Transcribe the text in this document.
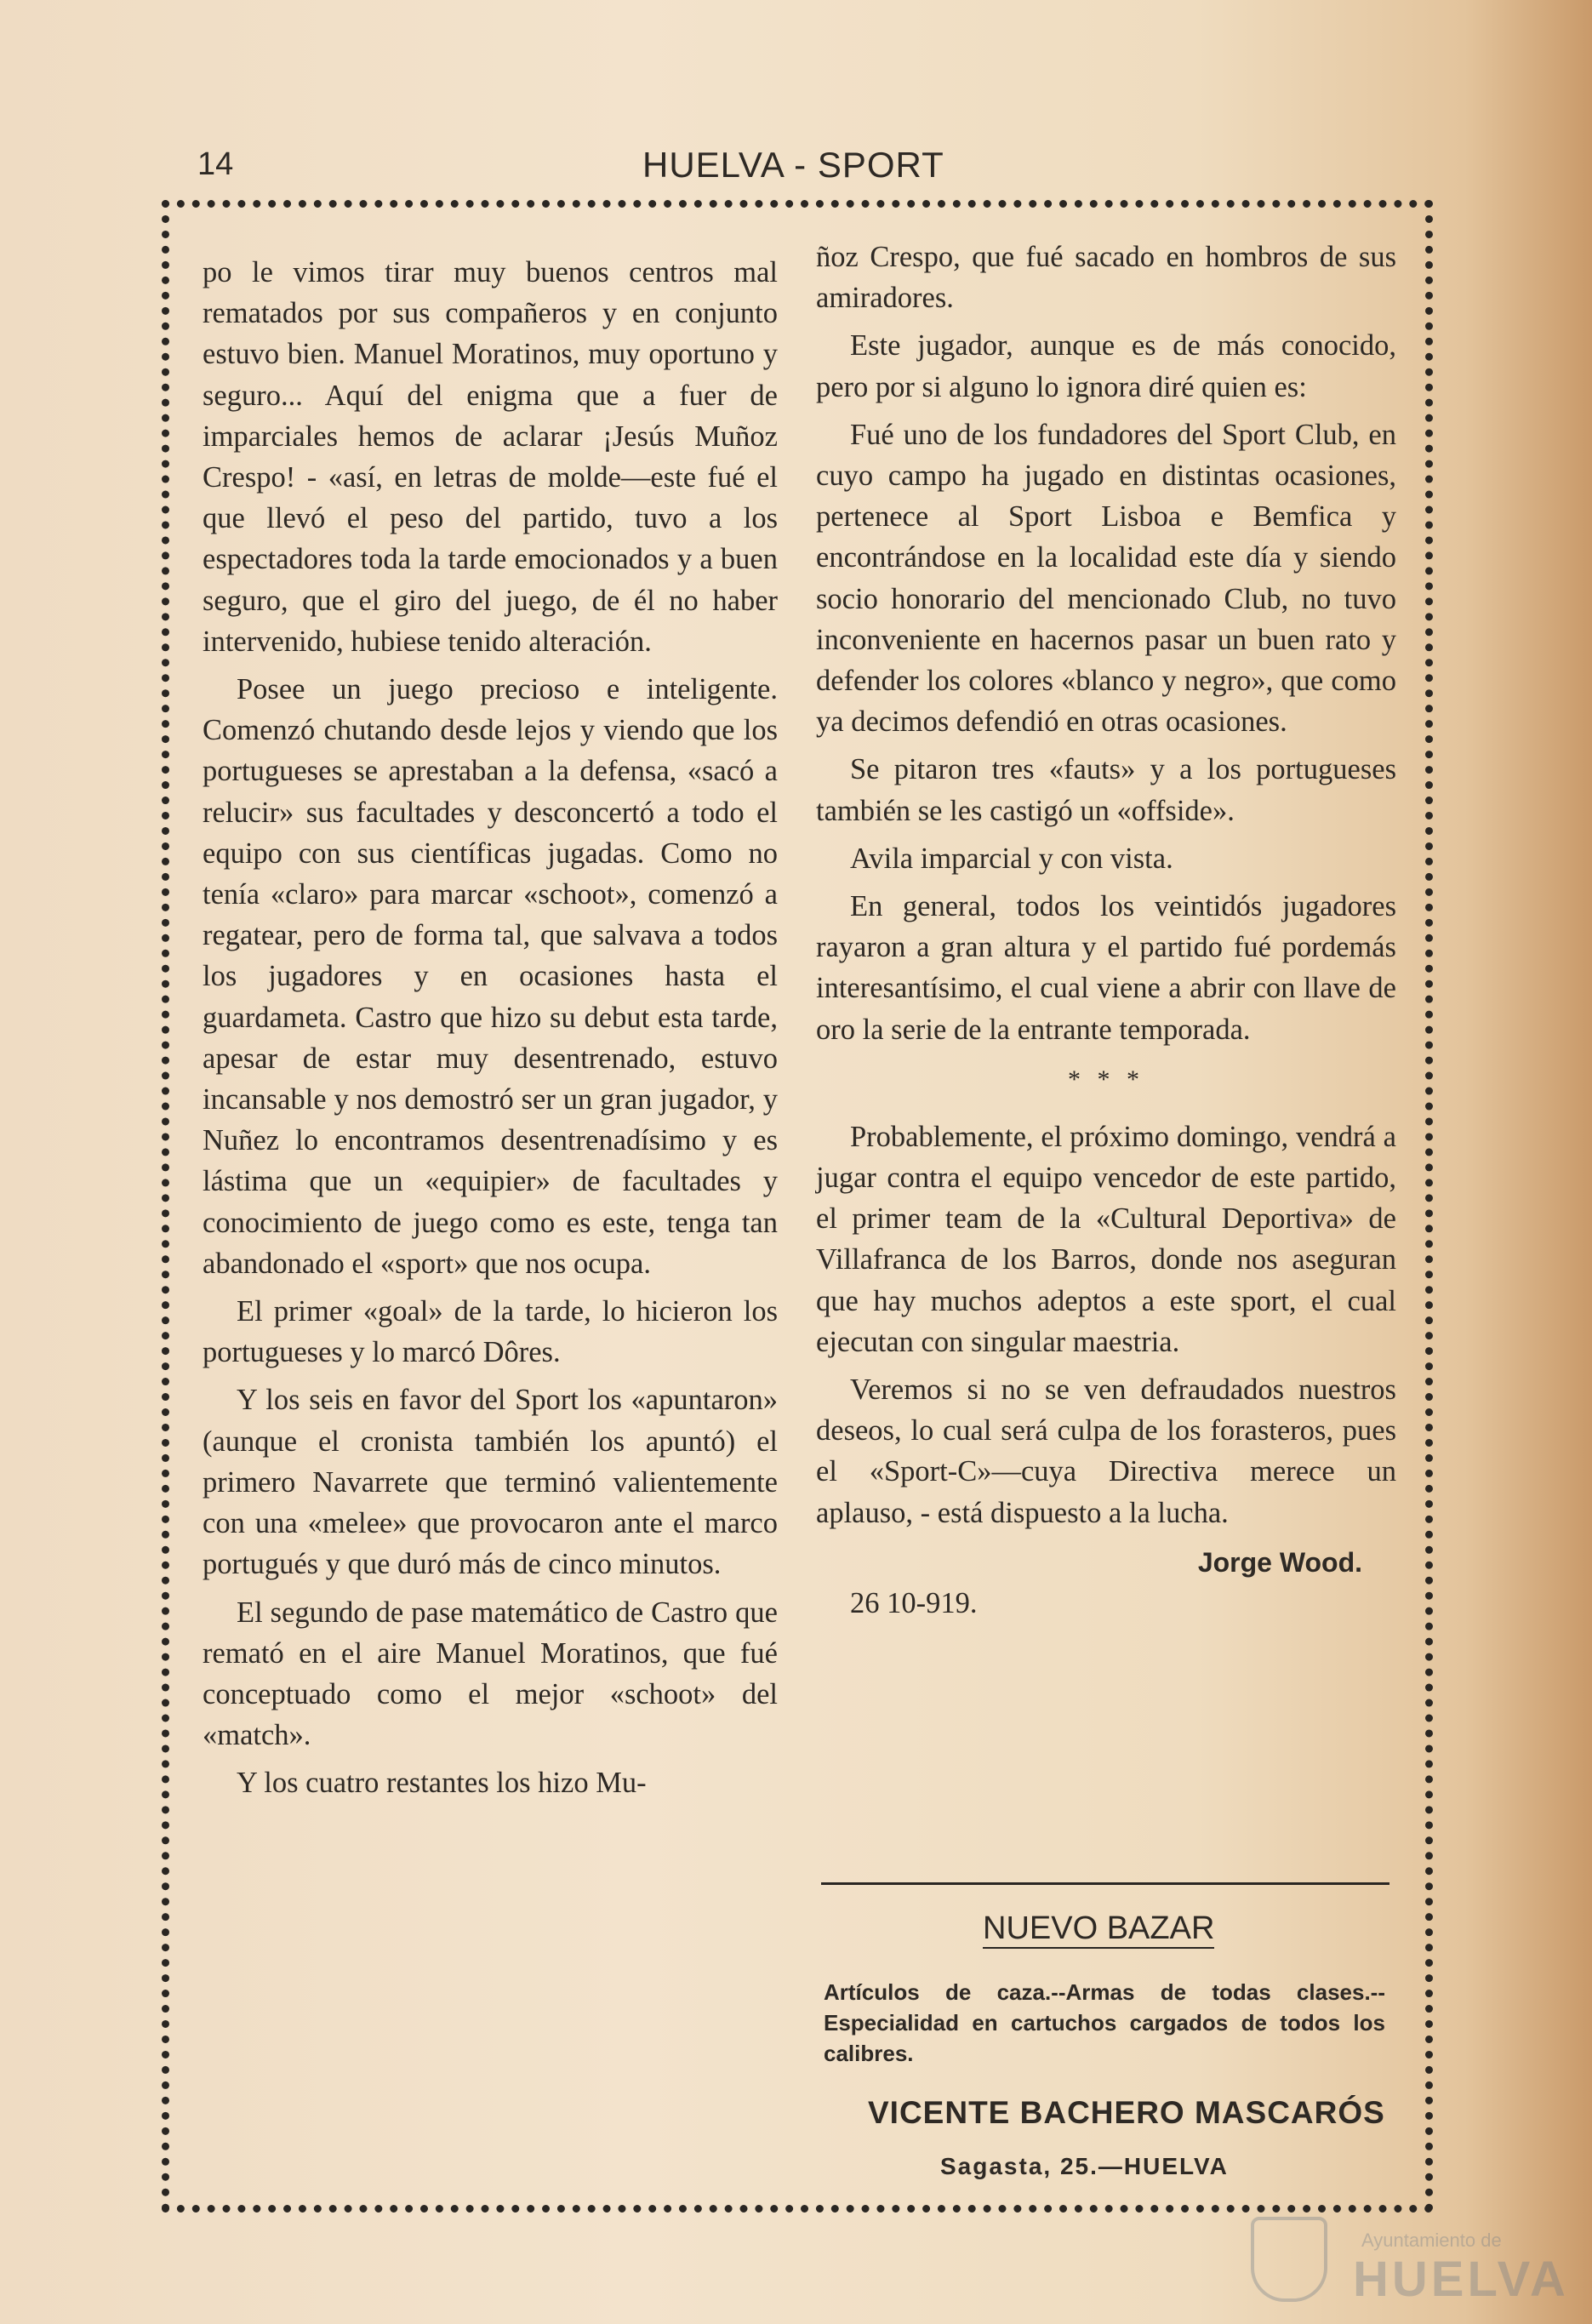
14	HUELVA - SPORT

po le vimos tirar muy buenos centros mal rematados por sus compañeros y en conjunto estuvo bien. Manuel Moratinos, muy oportuno y seguro... Aquí del enigma que a fuer de imparciales hemos de aclarar ¡Jesús Muñoz Crespo! - «así, en letras de molde—este fué el que llevó el peso del partido, tuvo a los espectadores toda la tarde emocionados y a buen seguro, que el giro del juego, de él no haber intervenido, hubiese tenido alteración.

Posee un juego precioso e inteligente. Comenzó chutando desde lejos y viendo que los portugueses se aprestaban a la defensa, «sacó a relucir» sus facultades y desconcertó a todo el equipo con sus científicas jugadas. Como no tenía «claro» para marcar «schoot», comenzó a regatear, pero de forma tal, que salvava a todos los jugadores y en ocasiones hasta el guardameta. Castro que hizo su debut esta tarde, apesar de estar muy desentrenado, estuvo incansable y nos demostró ser un gran jugador, y Nuñez lo encontramos desentrenadísimo y es lástima que un «equipier» de facultades y conocimiento de juego como es este, tenga tan abandonado el «sport» que nos ocupa.

El primer «goal» de la tarde, lo hicieron los portugueses y lo marcó Dôres.

Y los seis en favor del Sport los «apuntaron» (aunque el cronista también los apuntó) el primero Navarrete que terminó valientemente con una «melee» que provocaron ante el marco portugués y que duró más de cinco minutos.

El segundo de pase matemático de Castro que remató en el aire Manuel Moratinos, que fué conceptuado como el mejor «schoot» del «match».

Y los cuatro restantes los hizo Mu-

ñoz Crespo, que fué sacado en hombros de sus amiradores.

Este jugador, aunque es de más conocido, pero por si alguno lo ignora diré quien es:

Fué uno de los fundadores del Sport Club, en cuyo campo ha jugado en distintas ocasiones, pertenece al Sport Lisboa e Bemfica y encontrándose en la localidad este día y siendo socio honorario del mencionado Club, no tuvo inconveniente en hacernos pasar un buen rato y defender los colores «blanco y negro», que como ya decimos defendió en otras ocasiones.

Se pitaron tres «fauts» y a los portugueses también se les castigó un «offside».

Avila imparcial y con vista.

En general, todos los veintidós jugadores rayaron a gran altura y el partido fué pordemás interesantísimo, el cual viene a abrir con llave de oro la serie de la entrante temporada.

* * *

Probablemente, el próximo domingo, vendrá a jugar contra el equipo vencedor de este partido, el primer team de la «Cultural Deportiva» de Villafranca de los Barros, donde nos aseguran que hay muchos adeptos a este sport, el cual ejecutan con singular maestria.

Veremos si no se ven defraudados nuestros deseos, lo cual será culpa de los forasteros, pues el «Sport-C»—cuya Directiva merece un aplauso, - está dispuesto a la lucha.

Jorge Wood.
26 10-919.
NUEVO BAZAR
Artículos de caza.--Armas de todas clases.--Especialidad en cartuchos cargados de todos los calibres.
VICENTE BACHERO MASCARÓS
Sagasta, 25.—HUELVA
Ayuntamiento de
HUELVA
